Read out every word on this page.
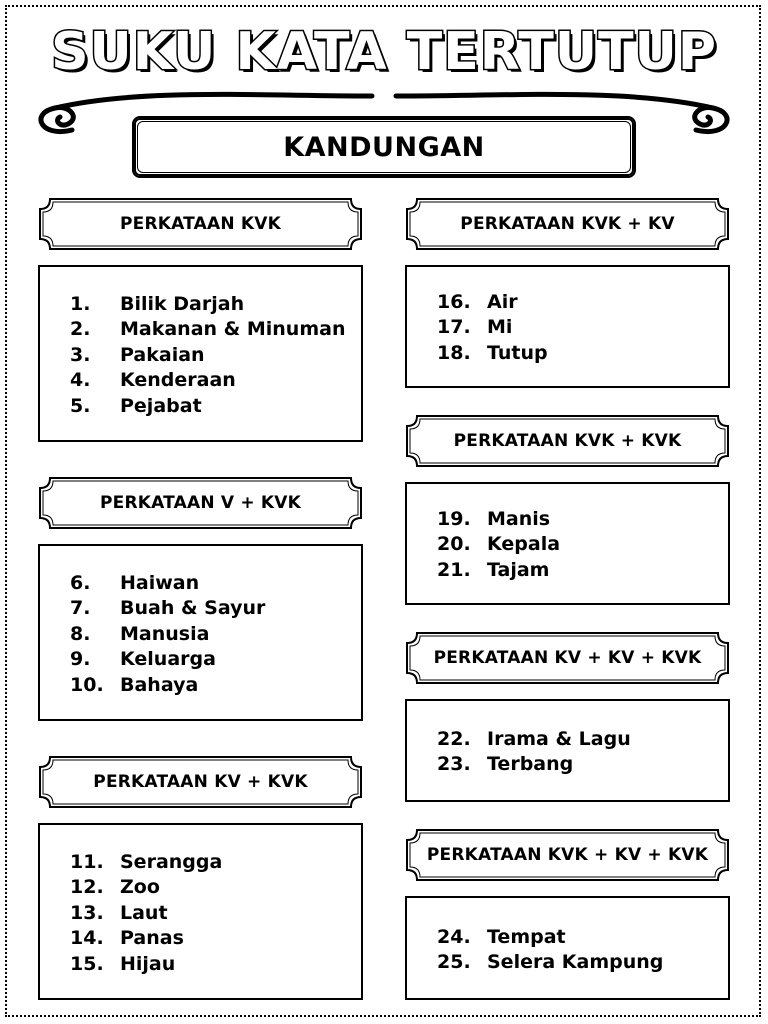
SUKU KATA TERTUTUP
KANDUNGAN
PERKATAAN KVK
1.	Bilik Darjah
2.	Makanan & Minuman
3.	Pakaian
4.	Kenderaan
5.	Pejabat
PERKATAAN V + KVK
6.	Haiwan
7.	Buah & Sayur
8.	Manusia
9.	Keluarga
10. Bahaya
PERKATAAN KV + KVK
11. Serangga
12. Zoo
13. Laut
14. Panas
15. Hijau
PERKATAAN KVK + KV
16. Air
17. Mi
18. Tutup
PERKATAAN KVK + KVK
19. Manis
20. Kepala
21. Tajam
PERKATAAN KV + KV + KVK
22. Irama & Lagu
23. Terbang
PERKATAAN KVK + KV + KVK
24. Tempat
25. Selera Kampung
